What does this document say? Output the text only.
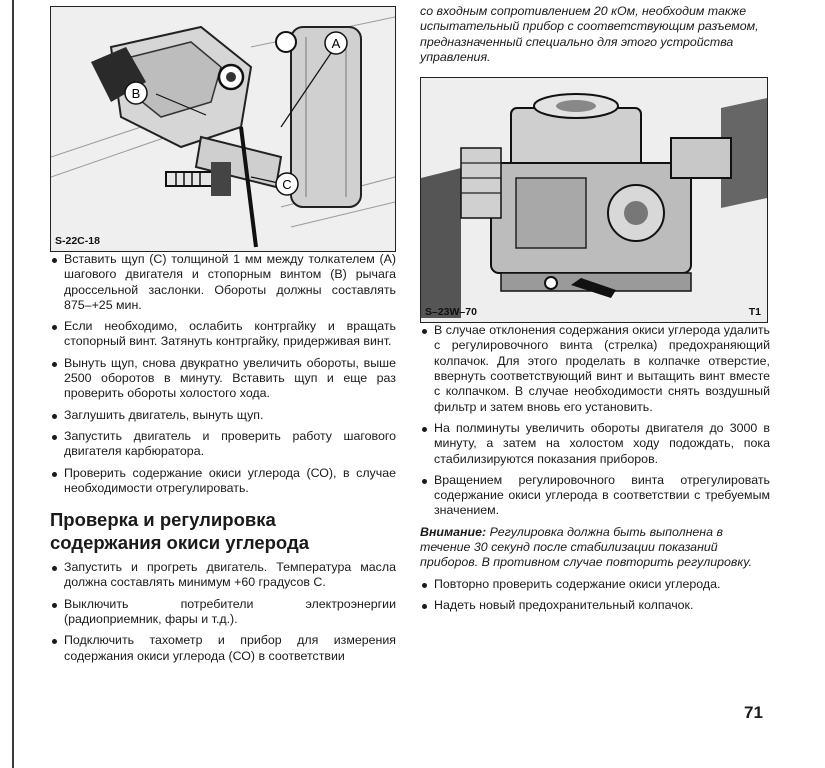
A
B
C
S-22C-18
Вставить щуп (С) толщиной 1 мм между толкателем (А) шагового двигателя и стопорным винтом (В) рычага дроссельной заслонки. Обороты должны составлять 875–+25 мин.
Если необходимо, ослабить контргайку и вращать стопорный винт. Затянуть контргайку, придерживая винт.
Вынуть щуп, снова двукратно увеличить обороты, выше 2500 оборотов в минуту. Вставить щуп и еще раз проверить обороты холостого хода.
Заглушить двигатель, вынуть щуп.
Запустить двигатель и проверить работу шагового двигателя карбюратора.
Проверить содержание окиси углерода (СО), в случае необходимости отрегулировать.
Проверка и регулировка
содержания окиси углерода
Запустить и прогреть двигатель. Температура масла должна составлять минимум +60 градусов С.
Выключить потребители электроэнергии (радиоприемник, фары и т.д.).
Подключить тахометр и прибор для измерения содержания окиси углерода (СО) в соответствии

со входным сопротивлением 20 кОм, необходим также испытательный прибор с соответствующим разъемом, предназначенный специально для этого устройства управления.

S–23W–70	T1
В случае отклонения содержания окиси углерода удалить с регулировочного винта (стрелка) предохраняющий колпачок. Для этого проделать в колпачке отверстие, ввернуть соответствующий винт и вытащить винт вместе с колпачком. В случае необходимости снять воздушный фильтр и затем вновь его установить.
На полминуты увеличить обороты двигателя до 3000 в минуту, а затем на холостом ходу подождать, пока стабилизируются показания приборов.
Вращением регулировочного винта отрегулировать содержание окиси углерода в соответствии с требуемым значением.

Внимание: Регулировка должна быть выполнена в течение 30 секунд после стабилизации показаний приборов. В противном случае повторить регулировку.

Повторно проверить содержание окиси углерода.
Надеть новый предохранительный колпачок.
71
